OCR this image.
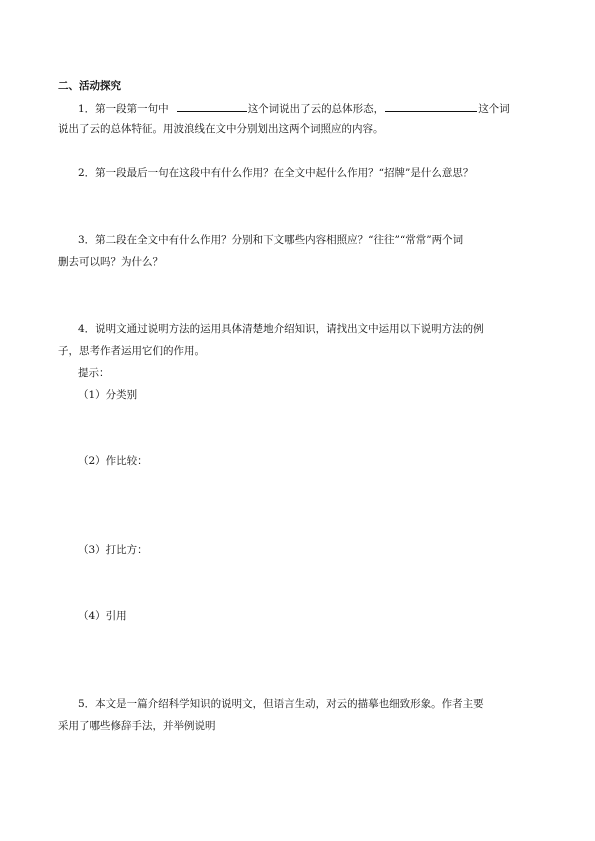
二、活动探究
1．第一段第一句中	这个词说出了云的总体形态，	这个词
说出了云的总体特征。用波浪线在文中分别划出这两个词照应的内容。
2．第一段最后一句在这段中有什么作用？在全文中起什么作用？“招牌”是什么意思？
3．第二段在全文中有什么作用？分别和下文哪些内容相照应？“往往”“常常”两个词
删去可以吗？为什么？
4．说明文通过说明方法的运用具体清楚地介绍知识，请找出文中运用以下说明方法的例
子，思考作者运用它们的作用。
提示：
（1）分类别
（2）作比较：
（3）打比方：
（4）引用
5．本文是一篇介绍科学知识的说明文，但语言生动，对云的描摹也细致形象。作者主要
采用了哪些修辞手法，并举例说明
